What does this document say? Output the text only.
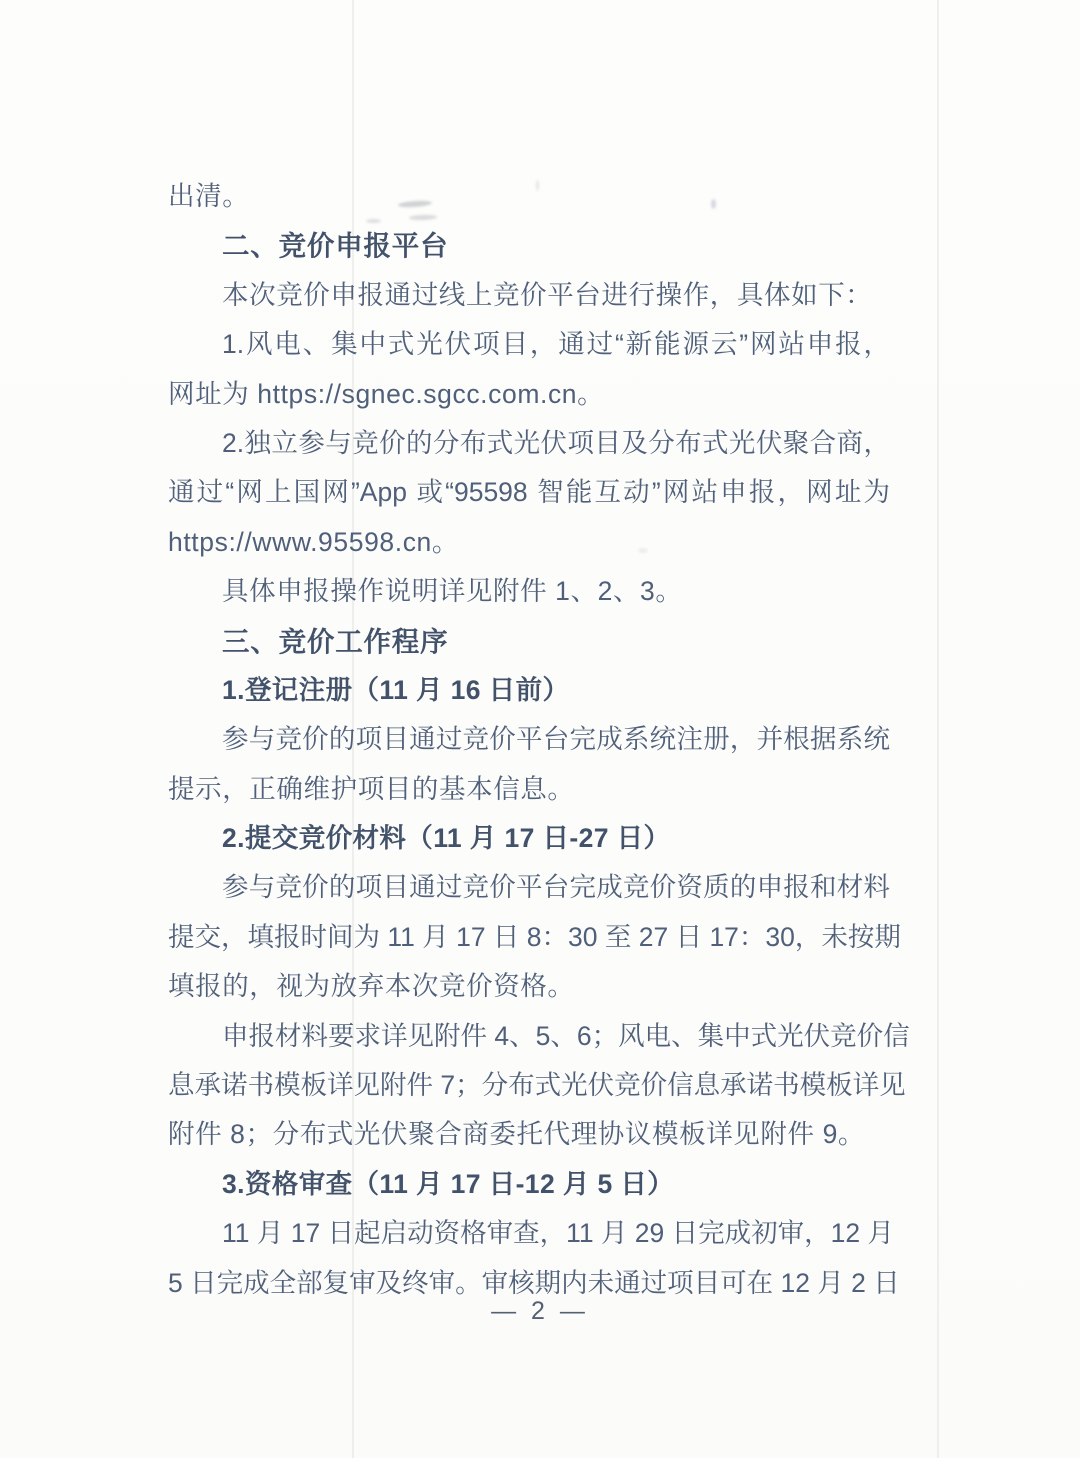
出清。
二、竞价申报平台
本次竞价申报通过线上竞价平台进行操作，具体如下：
1.风电、集中式光伏项目，通过“新能源云”网站申报，
网址为 https://sgnec.sgcc.com.cn。
2.独立参与竞价的分布式光伏项目及分布式光伏聚合商，
通过“网上国网”App 或“95598 智能互动”网站申报，网址为
https://www.95598.cn。
具体申报操作说明详见附件 1、2、3。
三、竞价工作程序
1.登记注册（11 月 16 日前）
参与竞价的项目通过竞价平台完成系统注册，并根据系统
提示，正确维护项目的基本信息。
2.提交竞价材料（11 月 17 日-27 日）
参与竞价的项目通过竞价平台完成竞价资质的申报和材料
提交，填报时间为 11 月 17 日 8：30 至 27 日 17：30，未按期
填报的，视为放弃本次竞价资格。
申报材料要求详见附件 4、5、6；风电、集中式光伏竞价信
息承诺书模板详见附件 7；分布式光伏竞价信息承诺书模板详见
附件 8；分布式光伏聚合商委托代理协议模板详见附件 9。
3.资格审查（11 月 17 日-12 月 5 日）
11 月 17 日起启动资格审查，11 月 29 日完成初审，12 月
5 日完成全部复审及终审。审核期内未通过项目可在 12 月 2 日
— 2 —
